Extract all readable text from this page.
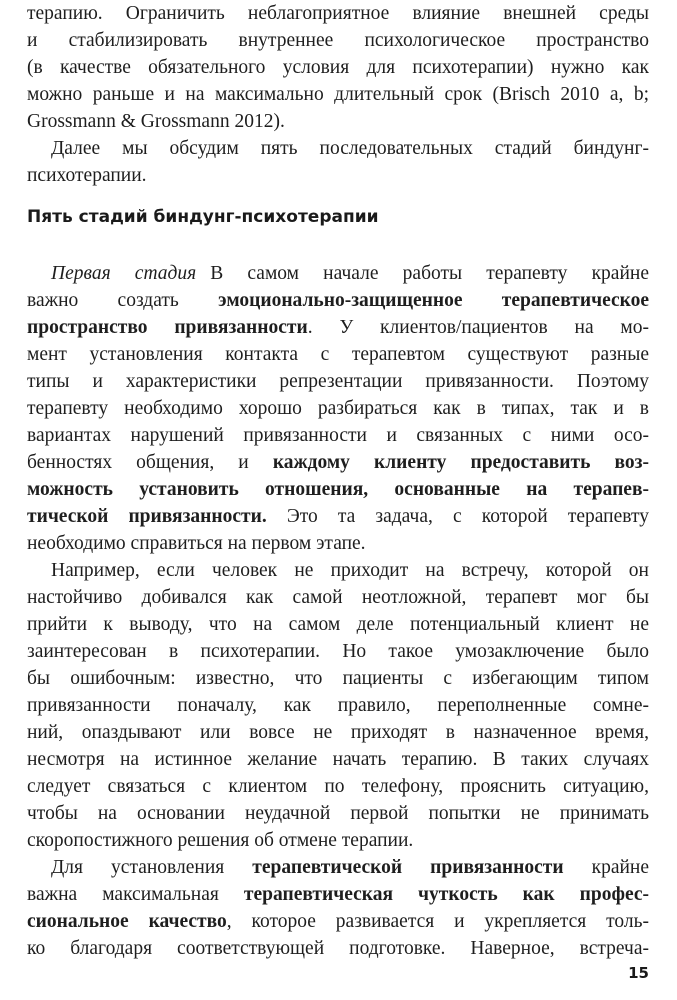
терапию. Ограничить неблагоприятное влияние внешней среды
и стабилизировать внутреннее психологическое пространство
(в качестве обязательного условия для психотерапии) нужно как
можно раньше и на максимально длительный срок (Brisch 2010 a, b;
Grossmann & Grossmann 2012).
Далее мы обсудим пять последовательных стадий биндунг-
психотерапии.
Пять стадий биндунг-психотерапии
Первая стадия В самом начале работы терапевту крайне
важно создать эмоционально-защищенное терапевтическое
пространство привязанности. У клиентов/пациентов на мо-
мент установления контакта с терапевтом существуют разные
типы и характеристики репрезентации привязанности. Поэтому
терапевту необходимо хорошо разбираться как в типах, так и в
вариантах нарушений привязанности и связанных с ними осо-
бенностях общения, и каждому клиенту предоставить воз-
можность установить отношения, основанные на терапев-
тической привязанности. Это та задача, с которой терапевту
необходимо справиться на первом этапе.
Например, если человек не приходит на встречу, которой он
настойчиво добивался как самой неотложной, терапевт мог бы
прийти к выводу, что на самом деле потенциальный клиент не
заинтересован в психотерапии. Но такое умозаключение было
бы ошибочным: известно, что пациенты с избегающим типом
привязанности поначалу, как правило, переполненные сомне-
ний, опаздывают или вовсе не приходят в назначенное время,
несмотря на истинное желание начать терапию. В таких случаях
следует связаться с клиентом по телефону, прояснить ситуацию,
чтобы на основании неудачной первой попытки не принимать
скоропостижного решения об отмене терапии.
Для установления терапевтической привязанности крайне
важна максимальная терапевтическая чуткость как профес-
сиональное качество, которое развивается и укрепляется толь-
ко благодаря соответствующей подготовке. Наверное, встреча-
15
